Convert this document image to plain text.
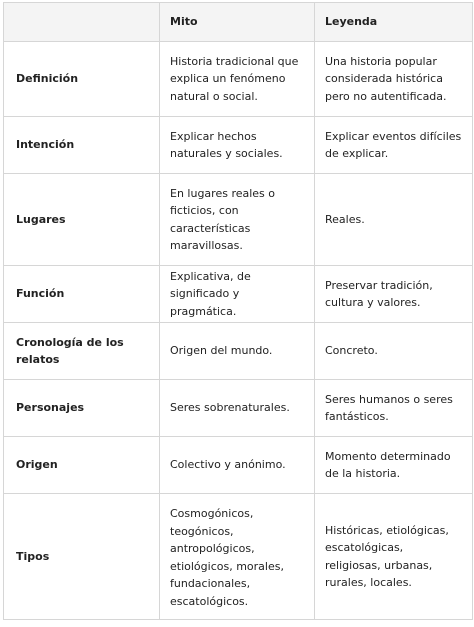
	Mito	Leyenda
Definición	Historia tradicional que explica un fenómeno natural o social.	Una historia popular considerada histórica pero no autentificada.
Intención	Explicar hechos naturales y sociales.	Explicar eventos difíciles de explicar.
Lugares	En lugares reales o ficticios, con características maravillosas.	Reales.
Función	Explicativa, de significado y pragmática.	Preservar tradición, cultura y valores.
Cronología de los relatos	Origen del mundo.	Concreto.
Personajes	Seres sobrenaturales.	Seres humanos o seres fantásticos.
Origen	Colectivo y anónimo.	Momento determinado de la historia.
Tipos	Cosmogónicos, teogónicos, antropológicos, etiológicos, morales, fundacionales, escatológicos.	Históricas, etiológicas, escatológicas, religiosas, urbanas, rurales, locales.
